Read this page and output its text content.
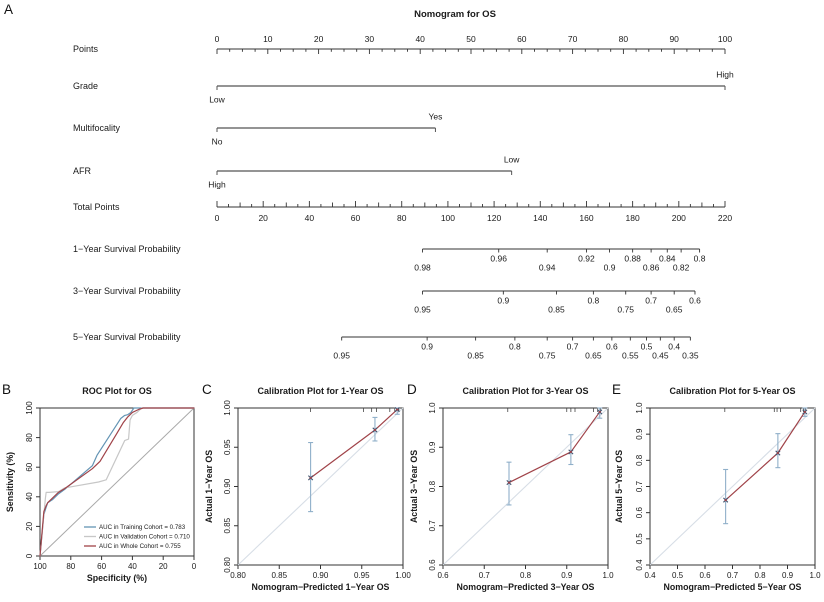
A
B	C	D	E
Nomogram for OS
Points
0	10	20	30	40	50	60	70	80	90	100
Grade
Low
High
Multifocality
No
Yes
AFR
High
Low
Total Points
0	20	40	60	80	100	120	140	160	180	200	220
1−Year Survival Probability
0.98
0.96
0.94
0.92
0.9
0.88
0.86
0.84
0.82
0.8
3−Year Survival Probability
0.95
0.9
0.85
0.8
0.75
0.7
0.65
0.6
5−Year Survival Probability
0.95
0.9
0.85
0.8
0.75
0.7
0.65
0.6
0.55
0.5
0.45
0.4
0.35
ROC Plot for OS
100 80	60	40	20	0
0
20
40
60
80
100
Specificity (%)
Sensitivity (%)
AUC in Training Cohort = 0.783
AUC in Validation Cohort = 0.710
AUC in Whole Cohort = 0.755
Calibration Plot for 1-Year OS
0.80	0.85	0.90	0.95	1.00
0.80
0.85
0.90
0.95
1.00
Nomogram−Predicted 1−Year OS
Actual 1−Year OS
Calibration Plot for 3-Year OS
0.6	0.7	0.8	0.9	1.0
0.6
0.7
0.8
0.9
1.0
Nomogram−Predicted 3−Year OS
Actual 3−Year OS
Calibration Plot for 5-Year OS
0.4 0.5 0.6 0.7 0.8 0.9 1.0
0.4
0.5
0.6
0.7
0.8
0.9
1.0
Nomogram−Predicted 5−Year OS
Actual 5−Year OS
